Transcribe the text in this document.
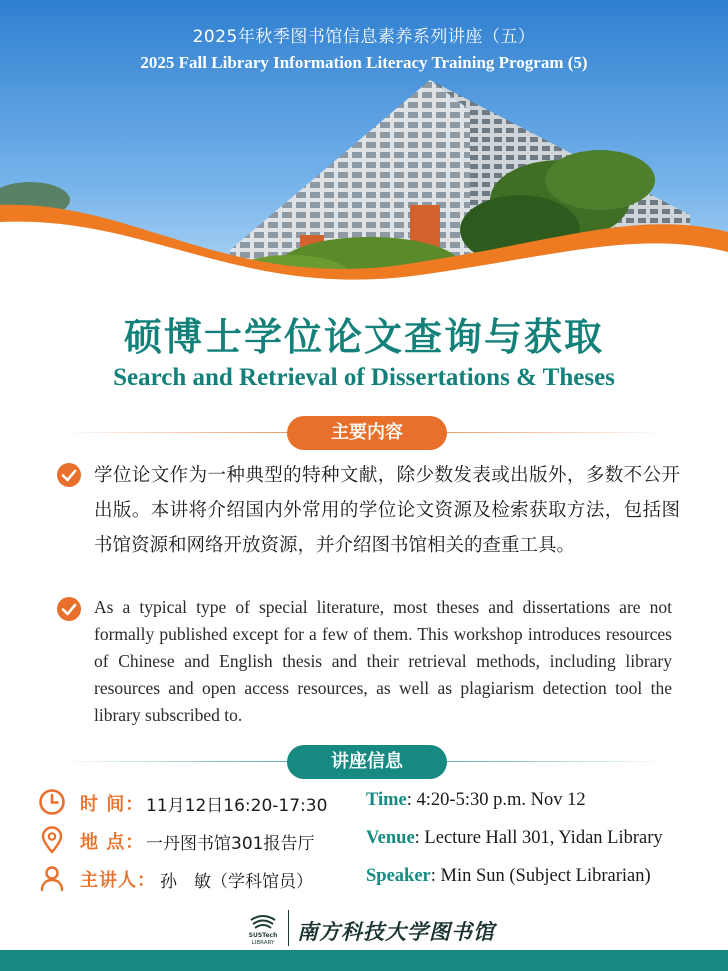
2025年秋季图书馆信息素养系列讲座（五）
2025 Fall Library Information Literacy Training Program (5)
硕博士学位论文查询与获取
Search and Retrieval of Dissertations & Theses
主要内容
学位论文作为一种典型的特种文献，除少数发表或出版外，多数不公开出版。本讲将介绍国内外常用的学位论文资源及检索获取方法，包括图书馆资源和网络开放资源，并介绍图书馆相关的查重工具。
As a typical type of special literature, most theses and dissertations are not formally published except for a few of them. This workshop introduces resources of Chinese and English thesis and their retrieval methods, including library resources and open access resources, as well as plagiarism detection tool the library subscribed to.
讲座信息
时 间： 11月12日16:20-17:30 Time: 4:20-5:30 p.m. Nov 12
地 点： 一丹图书馆301报告厅	Venue: Lecture Hall 301, Yidan Library
主讲人： 孙　敏（学科馆员）	Speaker: Min Sun (Subject Librarian)
SUSTech
LIBRARY 南方科技大学图书馆
